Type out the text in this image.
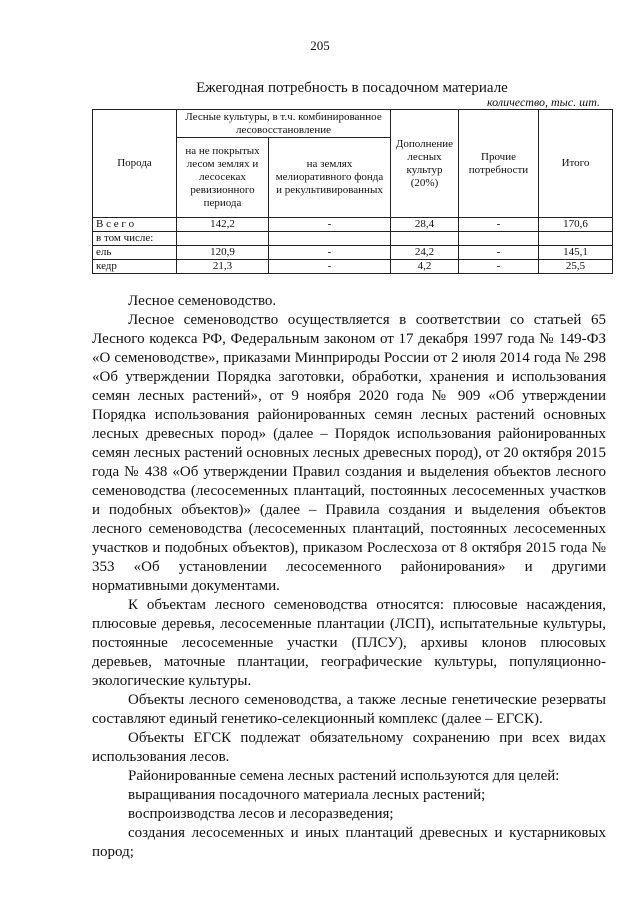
205
Ежегодная потребность в посадочном материале
количество, тыс. шт.
Порода	Лесные культуры, в т.ч. комбинированное лесовосстановление		Дополнение лесных культур (20%)	Прочие потребности	Итого
	на не покрытых лесом землях и лесосеках ревизионного периода	на землях мелиоративного фонда и рекультивированных			
В с е г о	142,2	-	28,4	-	170,6
в том числе:					
ель	120,9	-	24,2	-	145,1
кедр	21,3	-	4,2	-	25,5

Лесное семеноводство.

Лесное семеноводство осуществляется в соответствии со статьей 65 Лесного кодекса РФ, Федеральным законом от 17 декабря 1997 года № 149-ФЗ «О семеноводстве», приказами Минприроды России от 2 июля 2014 года № 298 «Об утверждении Порядка заготовки, обработки, хранения и использования семян лесных растений», от 9 ноября 2020 года № 909 «Об утверждении Порядка использования районированных семян лесных растений основных лесных древесных пород» (далее – Порядок использования районированных семян лесных растений основных лесных древесных пород), от 20 октября 2015 года № 438 «Об утверждении Правил создания и выделения объектов лесного семеноводства (лесосеменных плантаций, постоянных лесосеменных участков и подобных объектов)» (далее – Правила создания и выделения объектов лесного семеноводства (лесосеменных плантаций, постоянных лесосеменных участков и подобных объектов), приказом Рослесхоза от 8 октября 2015 года № 353 «Об установлении лесосеменного районирования» и другими нормативными документами.

К объектам лесного семеноводства относятся: плюсовые насаждения, плюсовые деревья, лесосеменные плантации (ЛСП), испытательные культуры, постоянные лесосеменные участки (ПЛСУ), архивы клонов плюсовых деревьев, маточные плантации, географические культуры, популяционно-экологические культуры.

Объекты лесного семеноводства, а также лесные генетические резерваты составляют единый генетико-селекционный комплекс (далее – ЕГСК).

Объекты ЕГСК подлежат обязательному сохранению при всех видах использования лесов.

Районированные семена лесных растений используются для целей:

выращивания посадочного материала лесных растений;

воспроизводства лесов и лесоразведения;

создания лесосеменных и иных плантаций древесных и кустарниковых пород;
